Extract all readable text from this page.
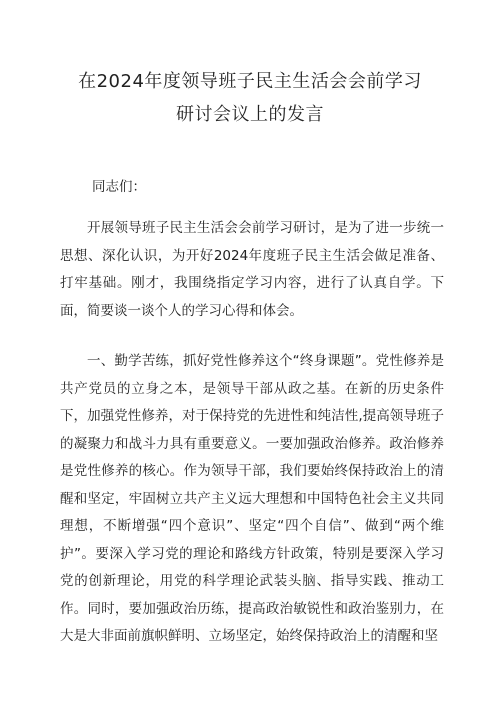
在2024年度领导班子民主生活会会前学习
研讨会议上的发言
同志们：

开展领导班子民主生活会会前学习研讨，是为了进一步统一思想、深化认识，为开好2024年度班子民主生活会做足准备、打牢基础。刚才，我围绕指定学习内容，进行了认真自学。下面，简要谈一谈个人的学习心得和体会。

一、勤学苦练，抓好党性修养这个“终身课题”。党性修养是共产党员的立身之本，是领导干部从政之基。在新的历史条件下，加强党性修养，对于保持党的先进性和纯洁性,提高领导班子的凝聚力和战斗力具有重要意义。一要加强政治修养。政治修养是党性修养的核心。作为领导干部，我们要始终保持政治上的清醒和坚定，牢固树立共产主义远大理想和中国特色社会主义共同理想，不断增强“四个意识”、坚定“四个自信”、做到“两个维护”。要深入学习党的理论和路线方针政策，特别是要深入学习党的创新理论，用党的科学理论武装头脑、指导实践、推动工作。同时，要加强政治历练，提高政治敏锐性和政治鉴别力，在大是大非面前旗帜鲜明、立场坚定，始终保持政治上的清醒和坚
